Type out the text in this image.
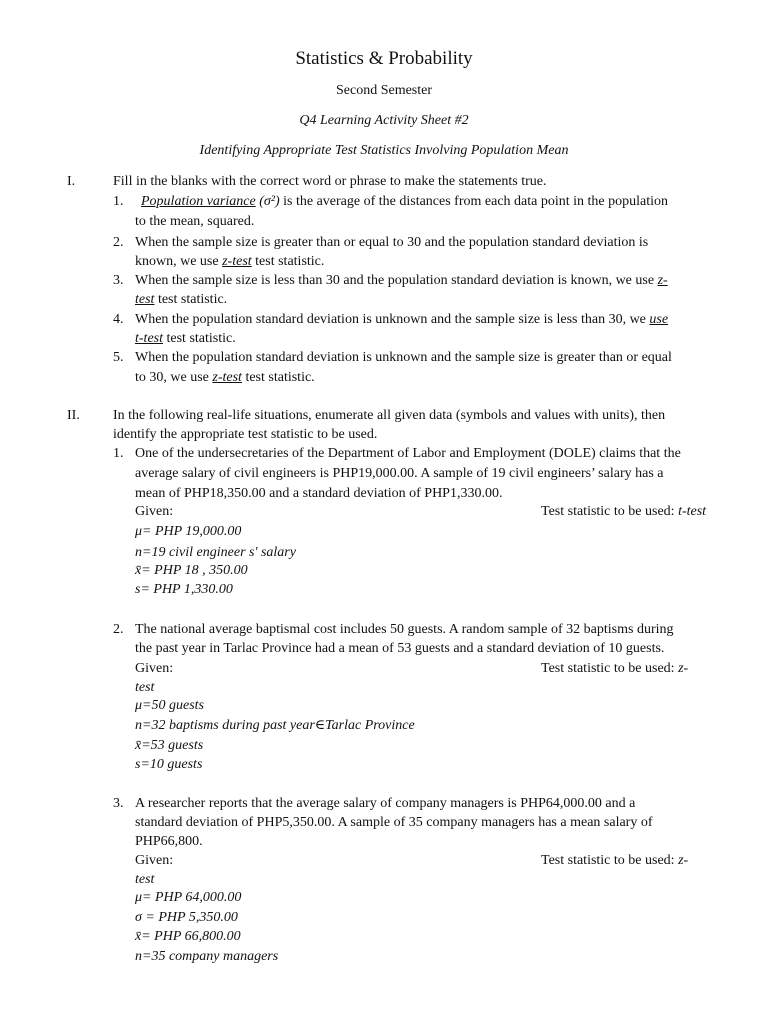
Statistics & Probability
Second Semester
Q4 Learning Activity Sheet #2
Identifying Appropriate Test Statistics Involving Population Mean
I.	Fill in the blanks with the correct word or phrase to make the statements true.
1. Population variance (σ²) is the average of the distances from each data point in the population
to the mean, squared.
2. When the sample size is greater than or equal to 30 and the population standard deviation is
known, we use z-test test statistic.
3. When the sample size is less than 30 and the population standard deviation is known, we use z-
test test statistic.
4. When the population standard deviation is unknown and the sample size is less than 30, we use
t-test test statistic.
5. When the population standard deviation is unknown and the sample size is greater than or equal
to 30, we use z-test test statistic.
II. In the following real-life situations, enumerate all given data (symbols and values with units), then
identify the appropriate test statistic to be used.
1. One of the undersecretaries of the Department of Labor and Employment (DOLE) claims that the
average salary of civil engineers is PHP19,000.00. A sample of 19 civil engineers’ salary has a
mean of PHP18,350.00 and a standard deviation of PHP1,330.00.
Given:	Test statistic to be used: t-test
μ= PHP 19,000.00
n=19 civil engineer s' salary
x̄= PHP 18 , 350.00
s= PHP 1,330.00
2. The national average baptismal cost includes 50 guests. A random sample of 32 baptisms during
the past year in Tarlac Province had a mean of 53 guests and a standard deviation of 10 guests.
Given:	Test statistic to be used: z-
test
μ=50 guests
n=32 baptisms during past year∈Tarlac Province
x̄=53 guests
s=10 guests
3. A researcher reports that the average salary of company managers is PHP64,000.00 and a
standard deviation of PHP5,350.00. A sample of 35 company managers has a mean salary of
PHP66,800.
Given:	Test statistic to be used: z-
test
μ= PHP 64,000.00
σ = PHP 5,350.00
x̄= PHP 66,800.00
n=35 company managers
